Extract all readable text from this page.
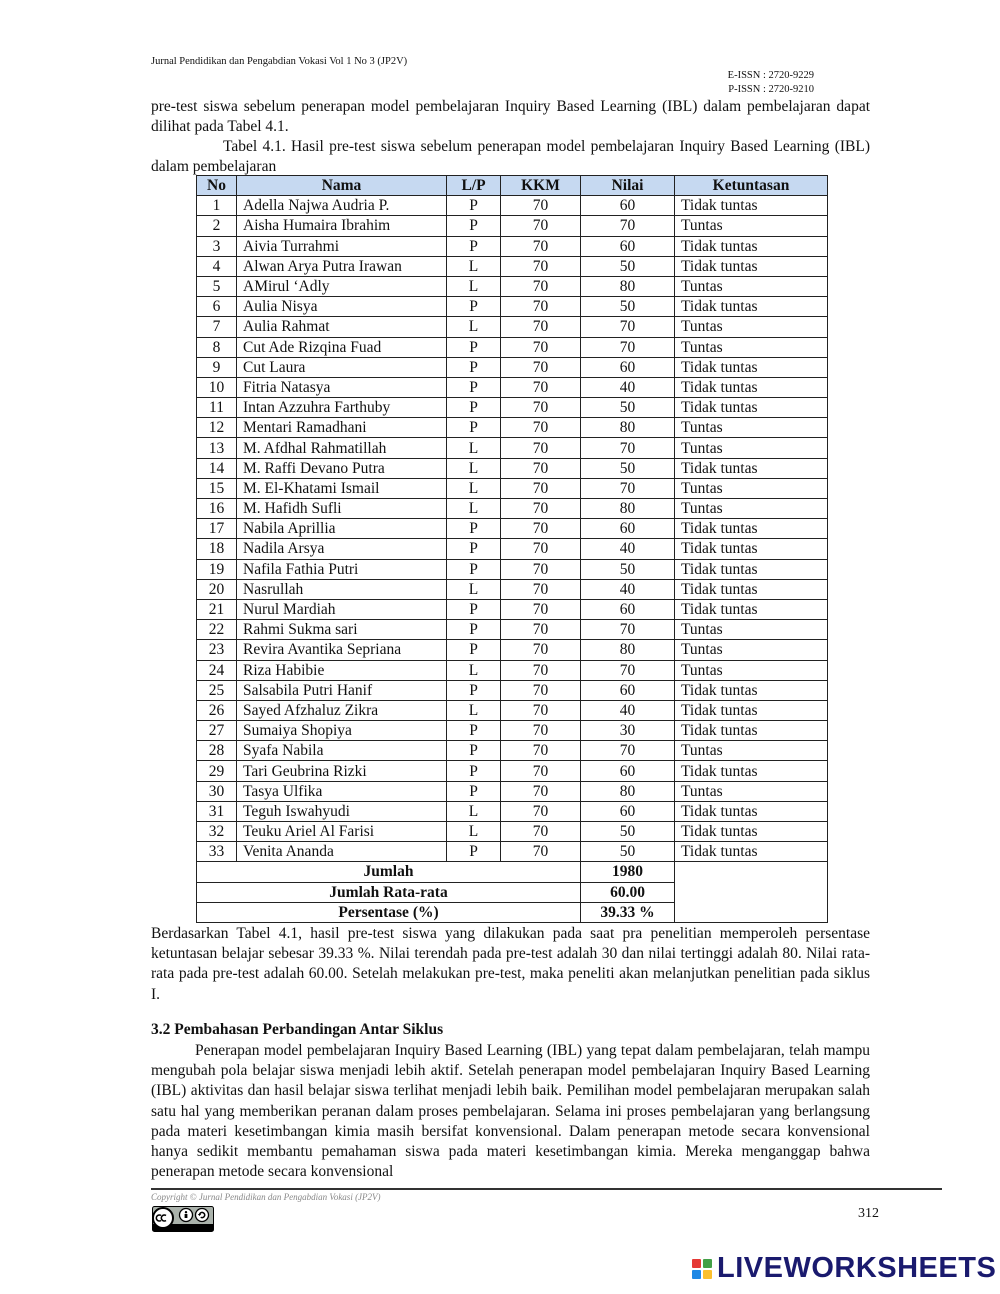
Jurnal Pendidikan dan Pengabdian Vokasi Vol 1 No 3 (JP2V)
E-ISSN : 2720-9229
P-ISSN : 2720-9210
pre-test siswa sebelum penerapan model pembelajaran Inquiry Based Learning (IBL) dalam pembelajaran dapat dilihat pada Tabel 4.1.
Tabel 4.1. Hasil pre-test siswa sebelum penerapan model pembelajaran Inquiry Based Learning (IBL) dalam pembelajaran
No	Nama	L/P	KKM	Nilai	Ketuntasan
1	Adella Najwa Audria P.	P	70	60	Tidak tuntas
2	Aisha Humaira Ibrahim	P	70	70	Tuntas
3	Aivia Turrahmi	P	70	60	Tidak tuntas
4	Alwan Arya Putra Irawan	L	70	50	Tidak tuntas
5	AMirul ‘Adly	L	70	80	Tuntas
6	Aulia Nisya	P	70	50	Tidak tuntas
7	Aulia Rahmat	L	70	70	Tuntas
8	Cut Ade Rizqina Fuad	P	70	70	Tuntas
9	Cut Laura	P	70	60	Tidak tuntas
10	Fitria Natasya	P	70	40	Tidak tuntas
11	Intan Azzuhra Farthuby	P	70	50	Tidak tuntas
12	Mentari Ramadhani	P	70	80	Tuntas
13	M. Afdhal Rahmatillah	L	70	70	Tuntas
14	M. Raffi Devano Putra	L	70	50	Tidak tuntas
15	M. El-Khatami Ismail	L	70	70	Tuntas
16	M. Hafidh Sufli	L	70	80	Tuntas
17	Nabila Aprillia	P	70	60	Tidak tuntas
18	Nadila Arsya	P	70	40	Tidak tuntas
19	Nafila Fathia Putri	P	70	50	Tidak tuntas
20	Nasrullah	L	70	40	Tidak tuntas
21	Nurul Mardiah	P	70	60	Tidak tuntas
22	Rahmi Sukma sari	P	70	70	Tuntas
23	Revira Avantika Sepriana	P	70	80	Tuntas
24	Riza Habibie	L	70	70	Tuntas
25	Salsabila Putri Hanif	P	70	60	Tidak tuntas
26	Sayed Afzhaluz Zikra	L	70	40	Tidak tuntas
27	Sumaiya Shopiya	P	70	30	Tidak tuntas
28	Syafa Nabila	P	70	70	Tuntas
29	Tari Geubrina Rizki	P	70	60	Tidak tuntas
30	Tasya Ulfika	P	70	80	Tuntas
31	Teguh Iswahyudi	L	70	60	Tidak tuntas
32	Teuku Ariel Al Farisi	L	70	50	Tidak tuntas
33	Venita Ananda	P	70	50	Tidak tuntas
Jumlah				1980	
Jumlah Rata-rata				60.00	
Persentase (%)				39.33 %	
Berdasarkan Tabel 4.1, hasil pre-test siswa yang dilakukan pada saat pra penelitian memperoleh persentase ketuntasan belajar sebesar 39.33 %. Nilai terendah pada pre-test adalah 30 dan nilai tertinggi adalah 80. Nilai rata-rata pada pre-test adalah 60.00. Setelah melakukan pre-test, maka peneliti akan melanjutkan penelitian pada siklus I.
3.2 Pembahasan Perbandingan Antar Siklus
Penerapan model pembelajaran Inquiry Based Learning (IBL) yang tepat dalam pembelajaran, telah mampu mengubah pola belajar siswa menjadi lebih aktif. Setelah penerapan model pembelajaran Inquiry Based Learning (IBL) aktivitas dan hasil belajar siswa terlihat menjadi lebih baik. Pemilihan model pembelajaran merupakan salah satu hal yang memberikan peranan dalam proses pembelajaran. Selama ini proses pembelajaran yang berlangsung pada materi kesetimbangan kimia masih bersifat konvensional. Dalam penerapan metode secara konvensional hanya sedikit membantu pemahaman siswa pada materi kesetimbangan kimia. Mereka menganggap bahwa penerapan metode secara konvensional
Copyright © Jurnal Pendidikan dan Pengabdian Vokasi (JP2V)
312
LIVEWORKSHEETS
